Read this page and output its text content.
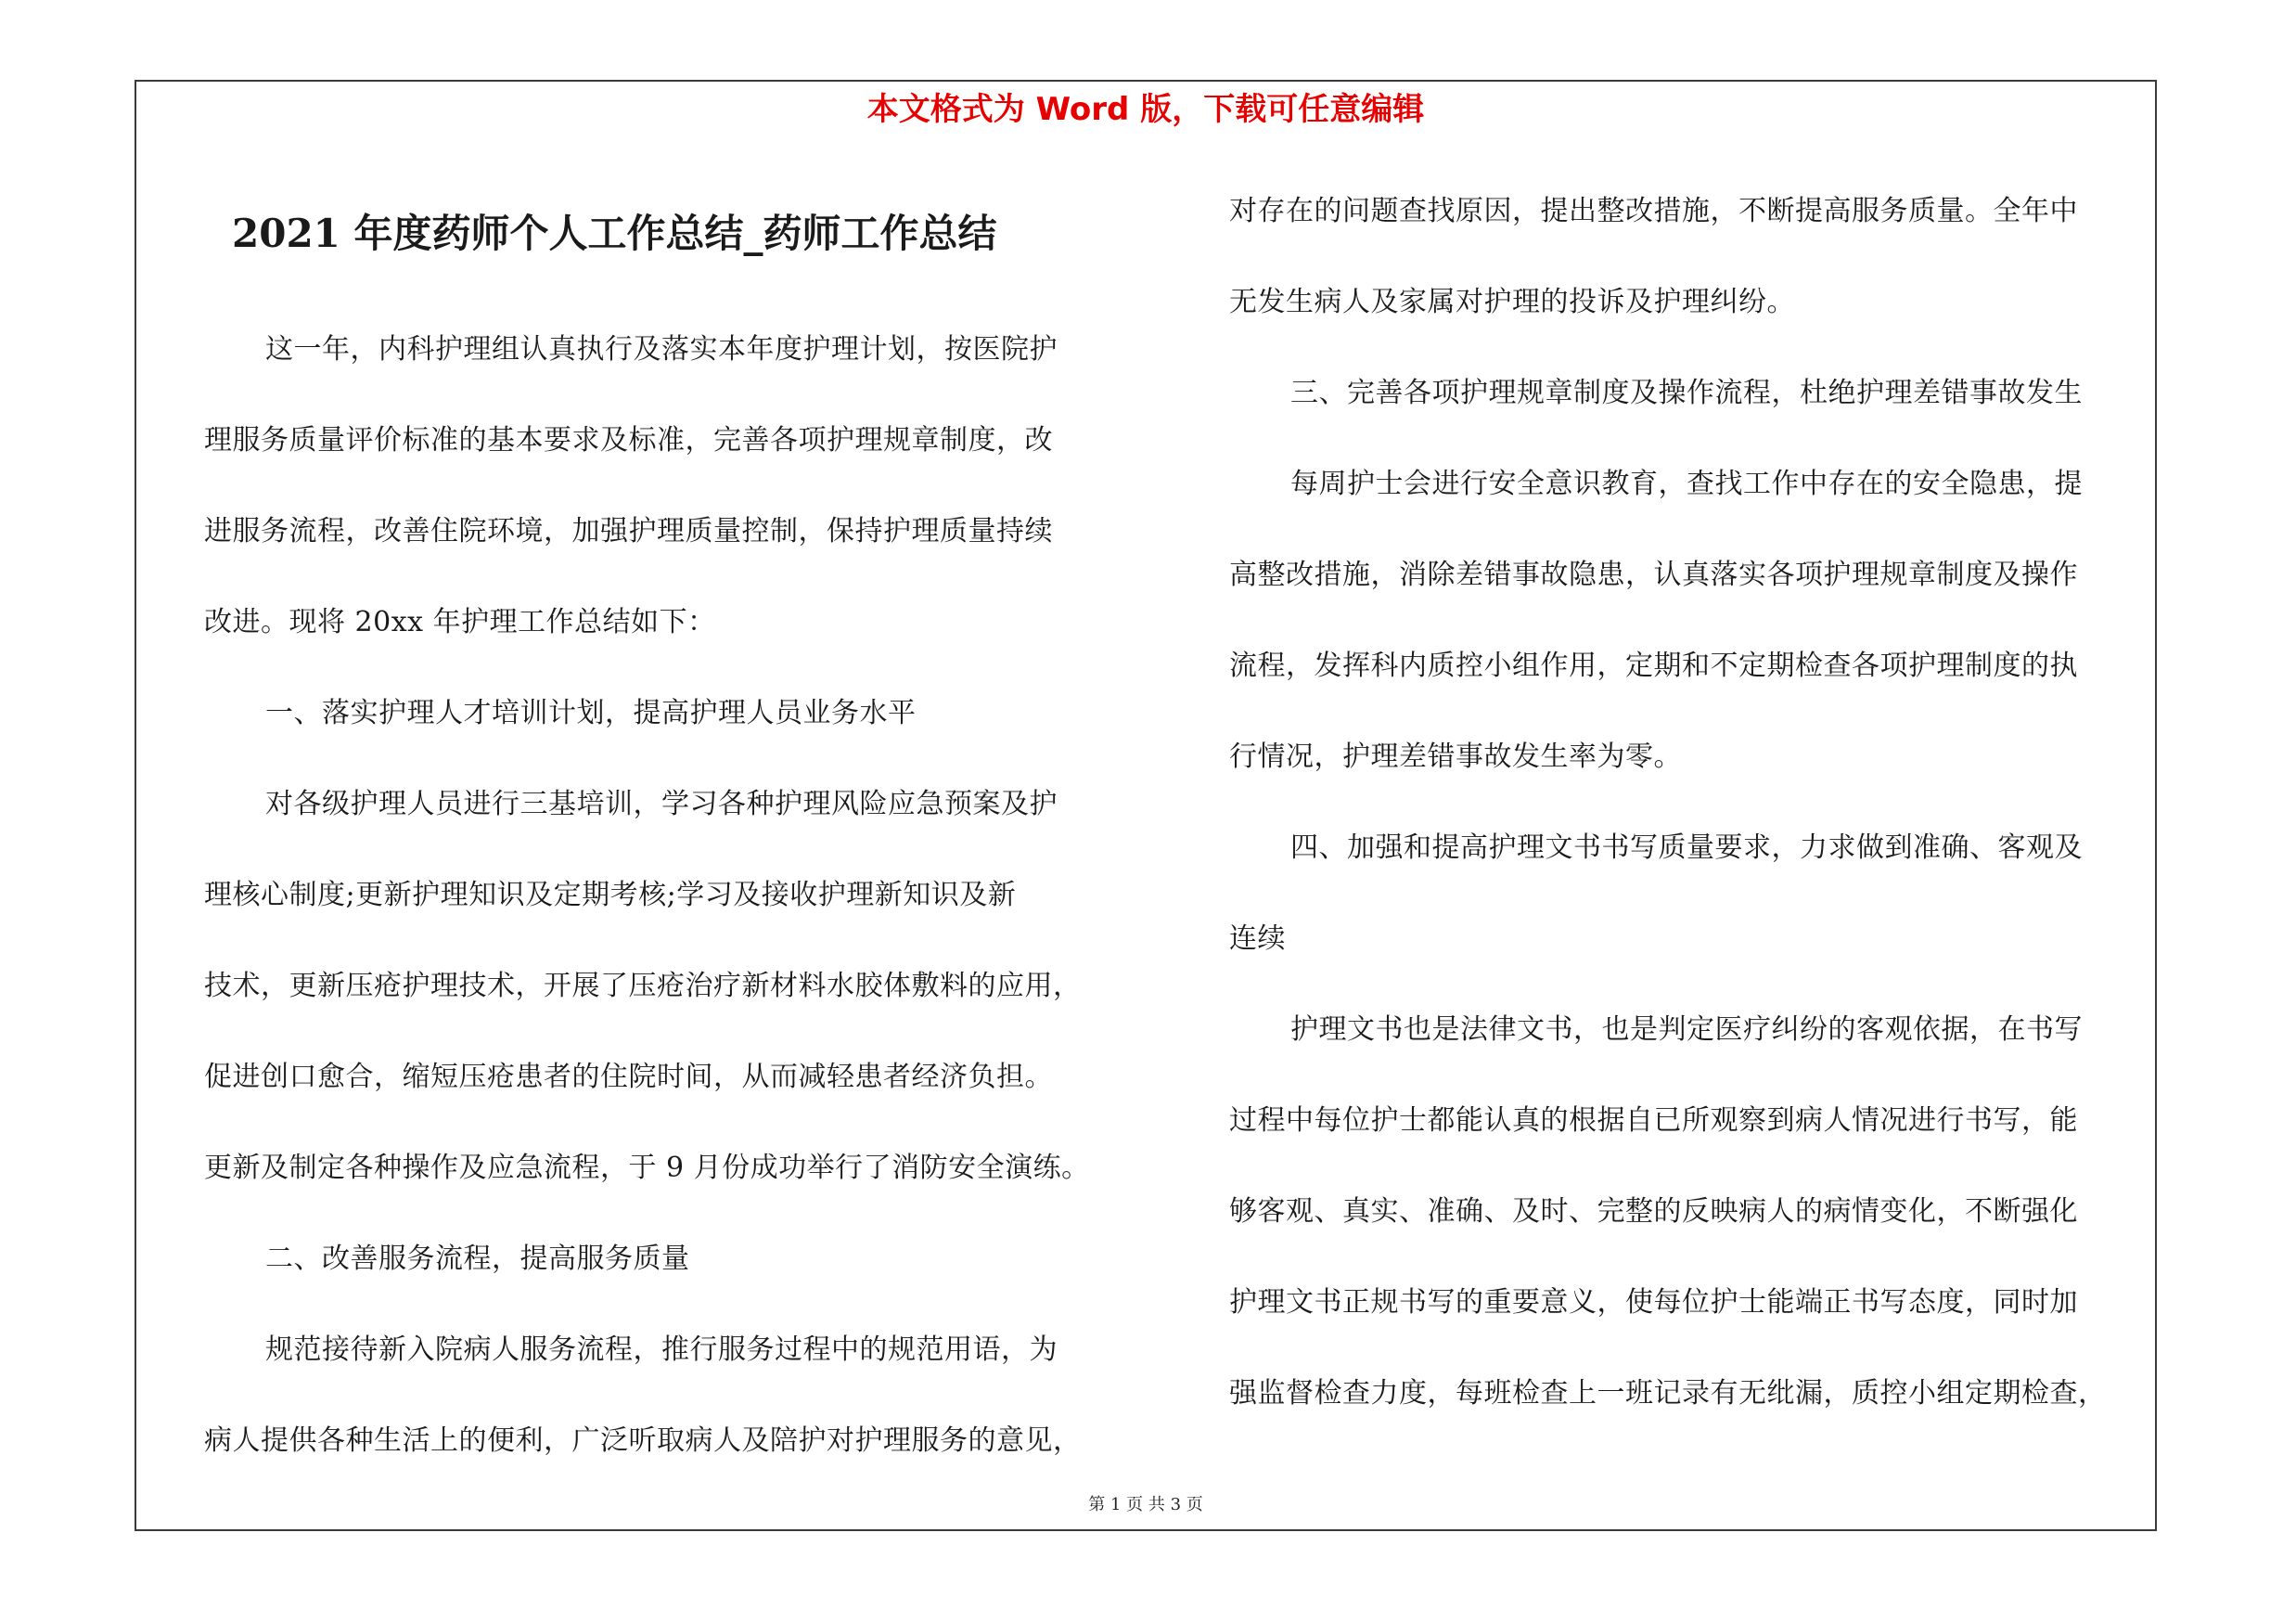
本文格式为 Word 版，下载可任意编辑
2021 年度药师个人工作总结_药师工作总结
这一年，内科护理组认真执行及落实本年度护理计划，按医院护
理服务质量评价标准的基本要求及标准，完善各项护理规章制度，改
进服务流程，改善住院环境，加强护理质量控制，保持护理质量持续
改进。现将 20xx 年护理工作总结如下：
一、落实护理人才培训计划，提高护理人员业务水平
对各级护理人员进行三基培训，学习各种护理风险应急预案及护
理核心制度;更新护理知识及定期考核;学习及接收护理新知识及新
技术，更新压疮护理技术，开展了压疮治疗新材料水胶体敷料的应用，
促进创口愈合，缩短压疮患者的住院时间，从而减轻患者经济负担。
更新及制定各种操作及应急流程，于 9 月份成功举行了消防安全演练。
二、改善服务流程，提高服务质量
规范接待新入院病人服务流程，推行服务过程中的规范用语，为
病人提供各种生活上的便利，广泛听取病人及陪护对护理服务的意见，
对存在的问题查找原因，提出整改措施，不断提高服务质量。全年中
无发生病人及家属对护理的投诉及护理纠纷。
三、完善各项护理规章制度及操作流程，杜绝护理差错事故发生
每周护士会进行安全意识教育，查找工作中存在的安全隐患，提
高整改措施，消除差错事故隐患，认真落实各项护理规章制度及操作
流程，发挥科内质控小组作用，定期和不定期检查各项护理制度的执
行情况，护理差错事故发生率为零。
四、加强和提高护理文书书写质量要求，力求做到准确、客观及
连续
护理文书也是法律文书，也是判定医疗纠纷的客观依据，在书写
过程中每位护士都能认真的根据自已所观察到病人情况进行书写，能
够客观、真实、准确、及时、完整的反映病人的病情变化，不断强化
护理文书正规书写的重要意义，使每位护士能端正书写态度，同时加
强监督检查力度，每班检查上一班记录有无纰漏，质控小组定期检查，
第 1 页 共 3 页
